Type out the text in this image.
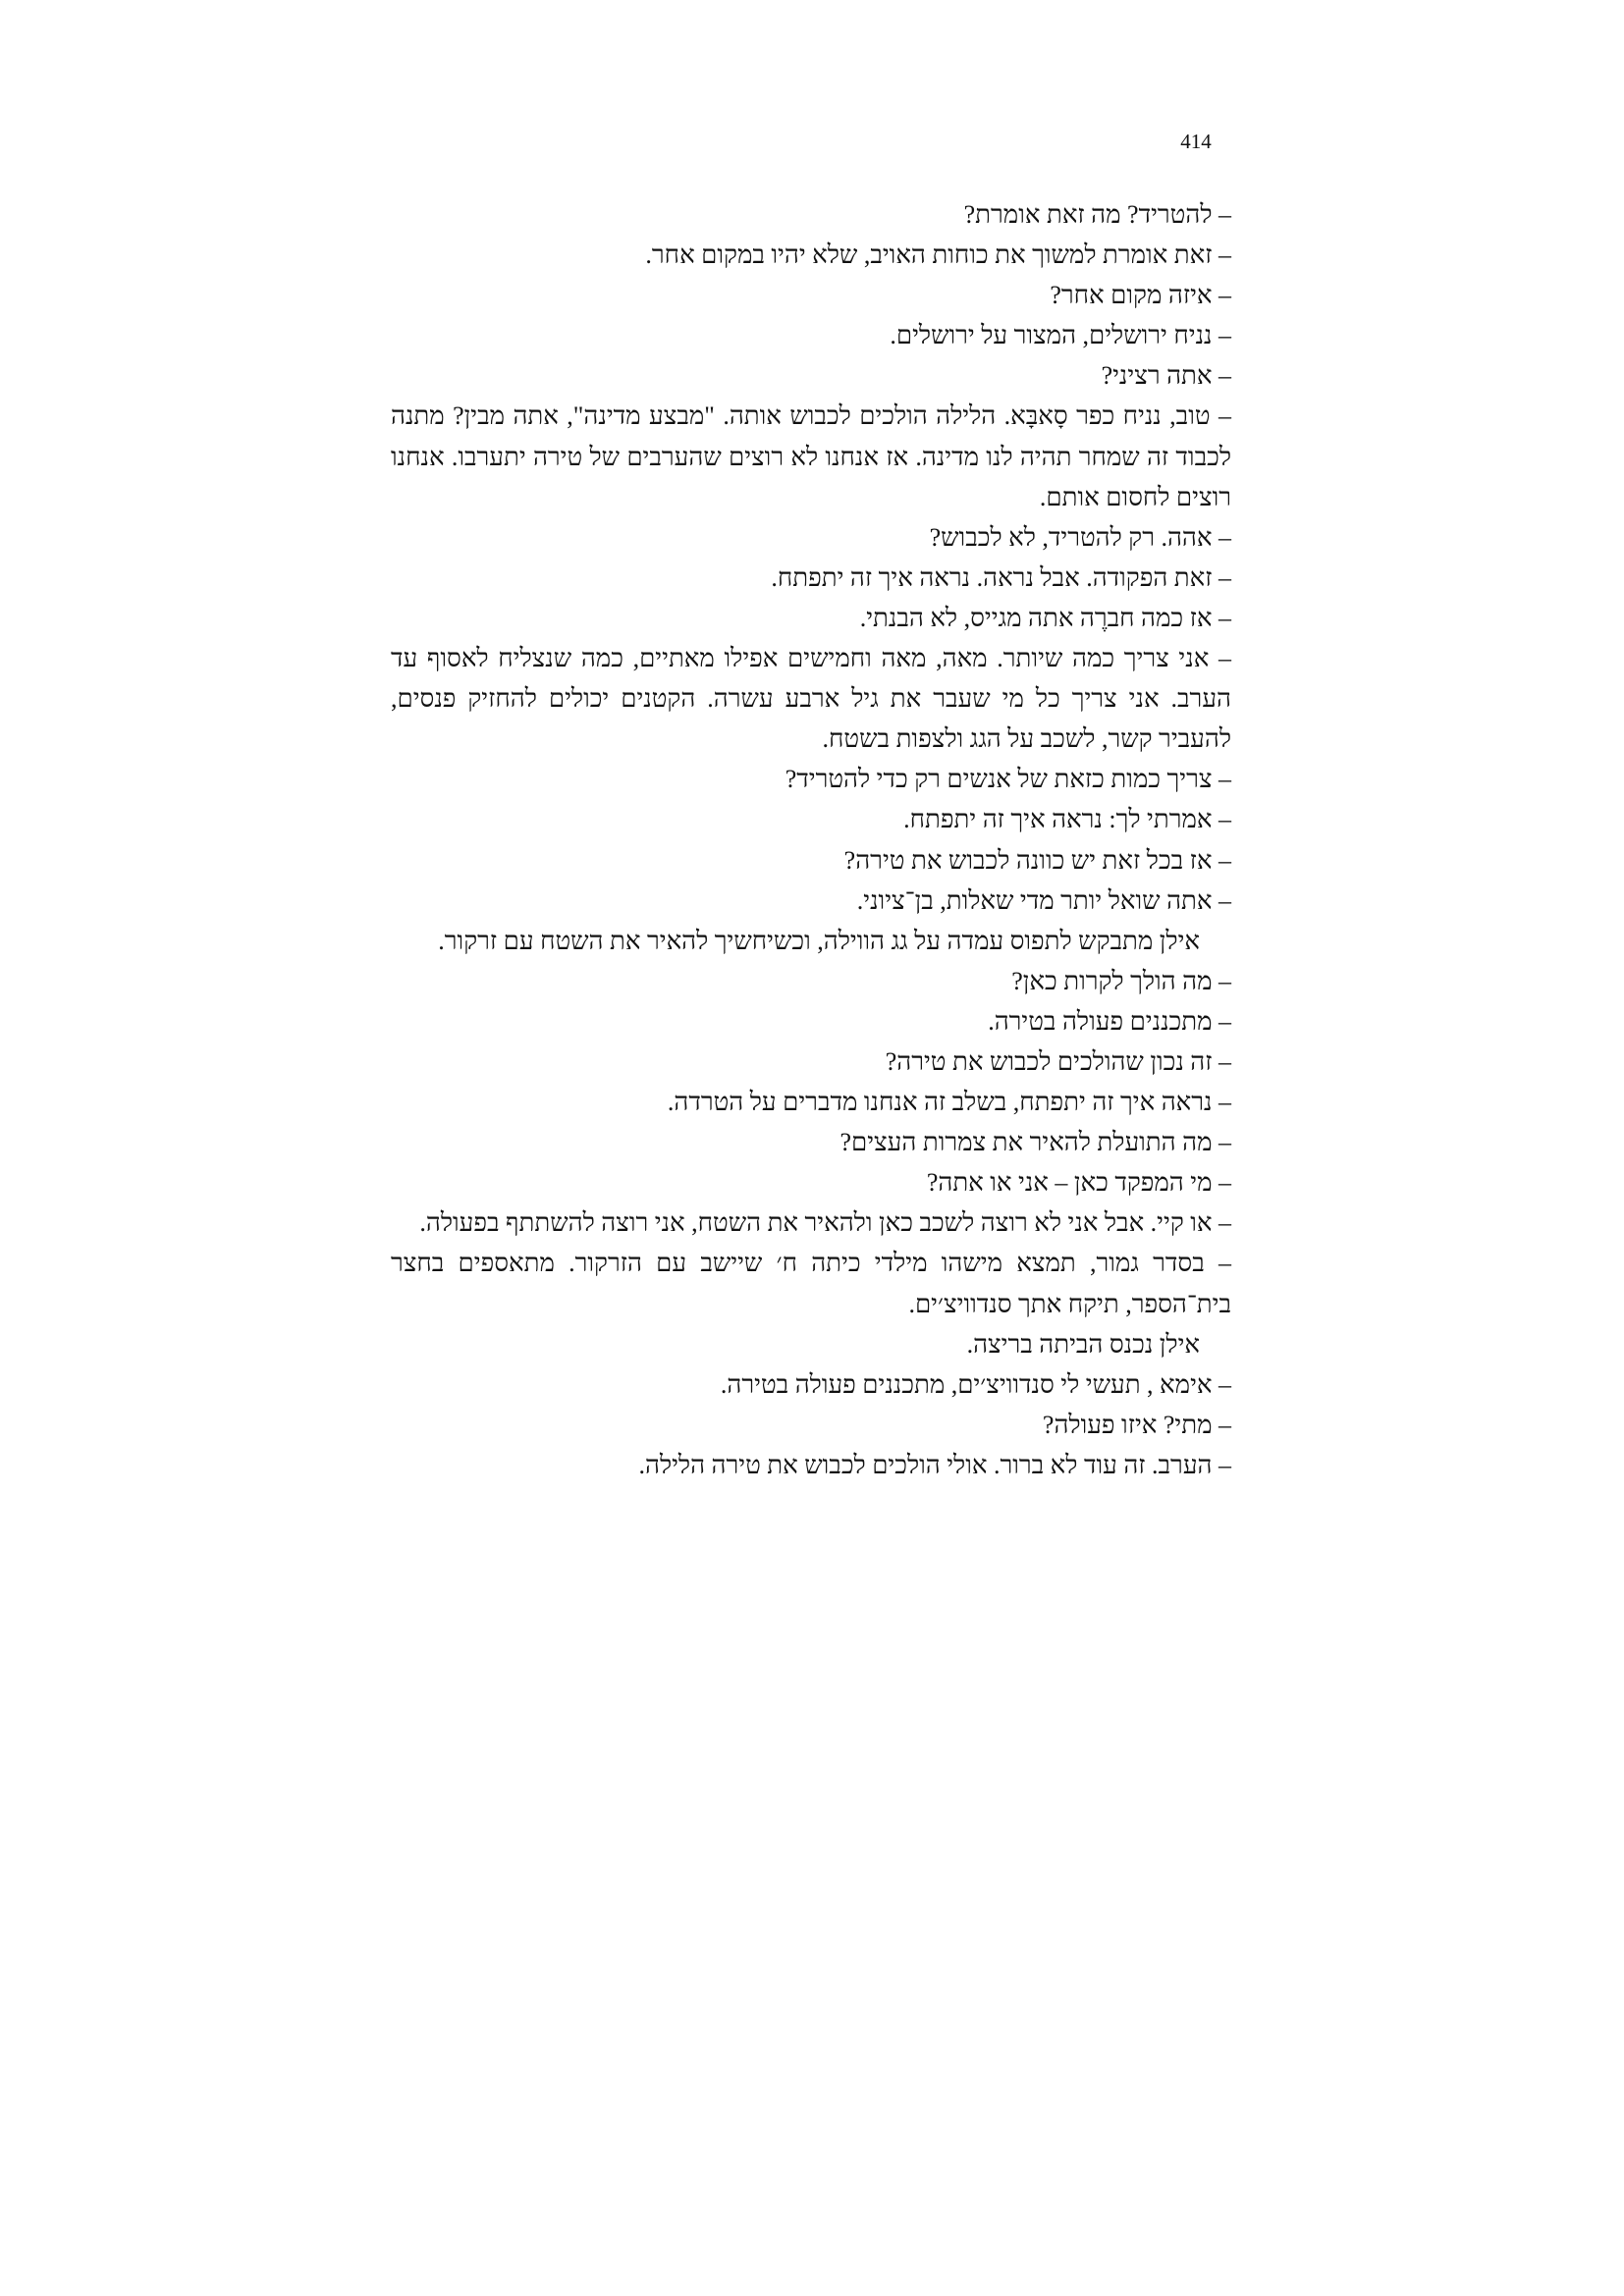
414

– להטריד? מה זאת אומרת?

– זאת אומרת למשוך את כוחות האויב, שלא יהיו במקום אחר.

– איזה מקום אחר?

– נניח ירושלים, המצור על ירושלים.

– אתה רציני?

– טוב, נניח כפר סָאבָּא. הלילה הולכים לכבוש אותה. "מבצע מדינה", אתה מבין? מתנה לכבוד זה שמחר תהיה לנו מדינה. אז אנחנו לא רוצים שהערבים של טירה יתערבו. אנחנו רוצים לחסום אותם.

– אהה. רק להטריד, לא לכבוש?

– זאת הפקודה. אבל נראה. נראה איך זה יתפתח.

– אז כמה חברֶה אתה מגייס, לא הבנתי.

– אני צריך כמה שיותר. מאה, מאה וחמישים אפילו מאתיים, כמה שנצליח לאסוף עד הערב. אני צריך כל מי שעבר את גיל ארבע עשרה. הקטנים יכולים להחזיק פנסים, להעביר קשר, לשכב על הגג ולצפות בשטח.

– צריך כמות כזאת של אנשים רק כדי להטריד?

– אמרתי לך: נראה איך זה יתפתח.

– אז בכל זאת יש כוונה לכבוש את טירה?

– אתה שואל יותר מדי שאלות, בן־ציוני.

אילן מתבקש לתפוס עמדה על גג הווילה, וכשיחשיך להאיר את השטח עם זרקור.

– מה הולך לקרות כאן?

– מתכננים פעולה בטירה.

– זה נכון שהולכים לכבוש את טירה?

– נראה איך זה יתפתח, בשלב זה אנחנו מדברים על הטרדה.

– מה התועלת להאיר את צמרות העצים?

– מי המפקד כאן – אני או אתה?

– או קיי. אבל אני לא רוצה לשכב כאן ולהאיר את השטח, אני רוצה להשתתף בפעולה.

– בסדר גמור, תמצא מישהו מילדי כיתה ח׳ שיישב עם הזרקור. מתאספים בחצר בית־הספר, תיקח אתך סנדוויצ׳ים.

אילן נכנס הביתה בריצה.

– אימא , תעשי לי סנדוויצ׳ים, מתכננים פעולה בטירה.

– מתי? איזו פעולה?

– הערב. זה עוד לא ברור. אולי הולכים לכבוש את טירה הלילה.
